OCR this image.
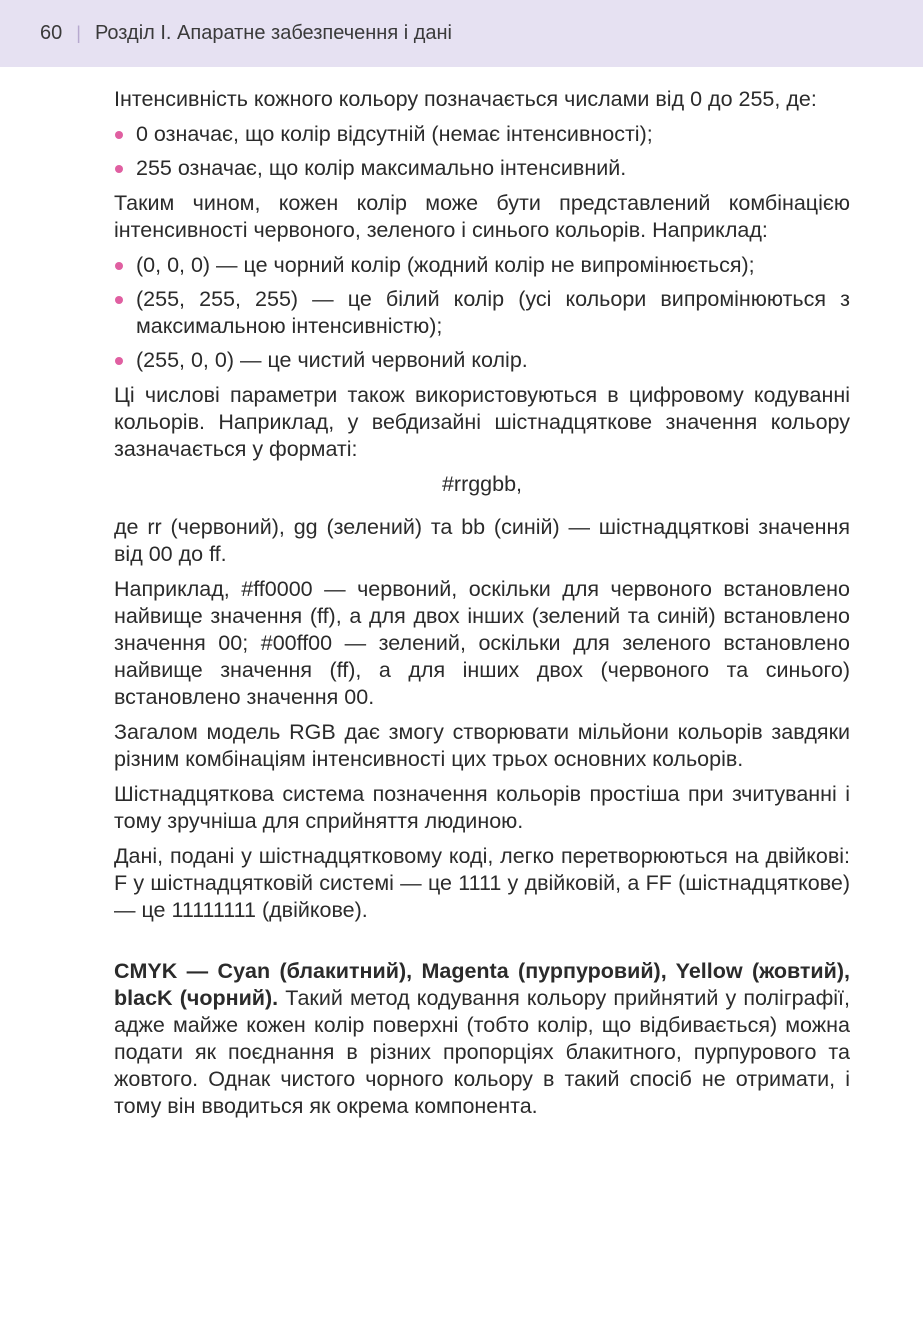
60 | Розділ І. Апаратне забезпечення і дані

Інтенсивність кожного кольору позначається числами від 0 до 255, де:

0 означає, що колір відсутній (немає інтенсивності);
255 означає, що колір максимально інтенсивний.

Таким чином, кожен колір може бути представлений комбінацією інтенсивності червоного, зеленого і синього кольорів. Наприклад:

(0, 0, 0) — це чорний колір (жодний колір не випромінюється);
(255, 255, 255) — це білий колір (усі кольори випромінюються з максимальною інтенсивністю);
(255, 0, 0) — це чистий червоний колір.

Ці числові параметри також використовуються в цифровому кодуванні кольорів. Наприклад, у вебдизайні шістнадцяткове значення кольору зазначається у форматі:

#rrggbb,

де rr (червоний), gg (зелений) та bb (синій) — шістнадцяткові значення від 00 до ff.

Наприклад, #ff0000 — червоний, оскільки для червоного встановлено найвище значення (ff), а для двох інших (зелений та синій) встановлено значення 00; #00ff00 — зелений, оскільки для зеленого встановлено найвище значення (ff), а для інших двох (червоного та синього) встановлено значення 00.

Загалом модель RGB дає змогу створювати мільйони кольорів завдяки різним комбінаціям інтенсивності цих трьох основних кольорів.

Шістнадцяткова система позначення кольорів простіша при зчитуванні і тому зручніша для сприйняття людиною.

Дані, подані у шістнадцятковому коді, легко перетворюються на двійкові: F у шістнадцятковій системі — це 1111 у двійковій, а FF (шістнадцяткове) — це 11111111 (двійкове).

CMYK — Cyan (блакитний), Magenta (пурпуровий), Yellow (жовтий), blacK (чорний). Такий метод кодування кольору прийнятий у поліграфії, адже майже кожен колір поверхні (тобто колір, що відбивається) можна подати як поєднання в різних пропорціях блакитного, пурпурового та жовтого. Однак чистого чорного кольору в такий спосіб не отримати, і тому він вводиться як окрема компонента.
